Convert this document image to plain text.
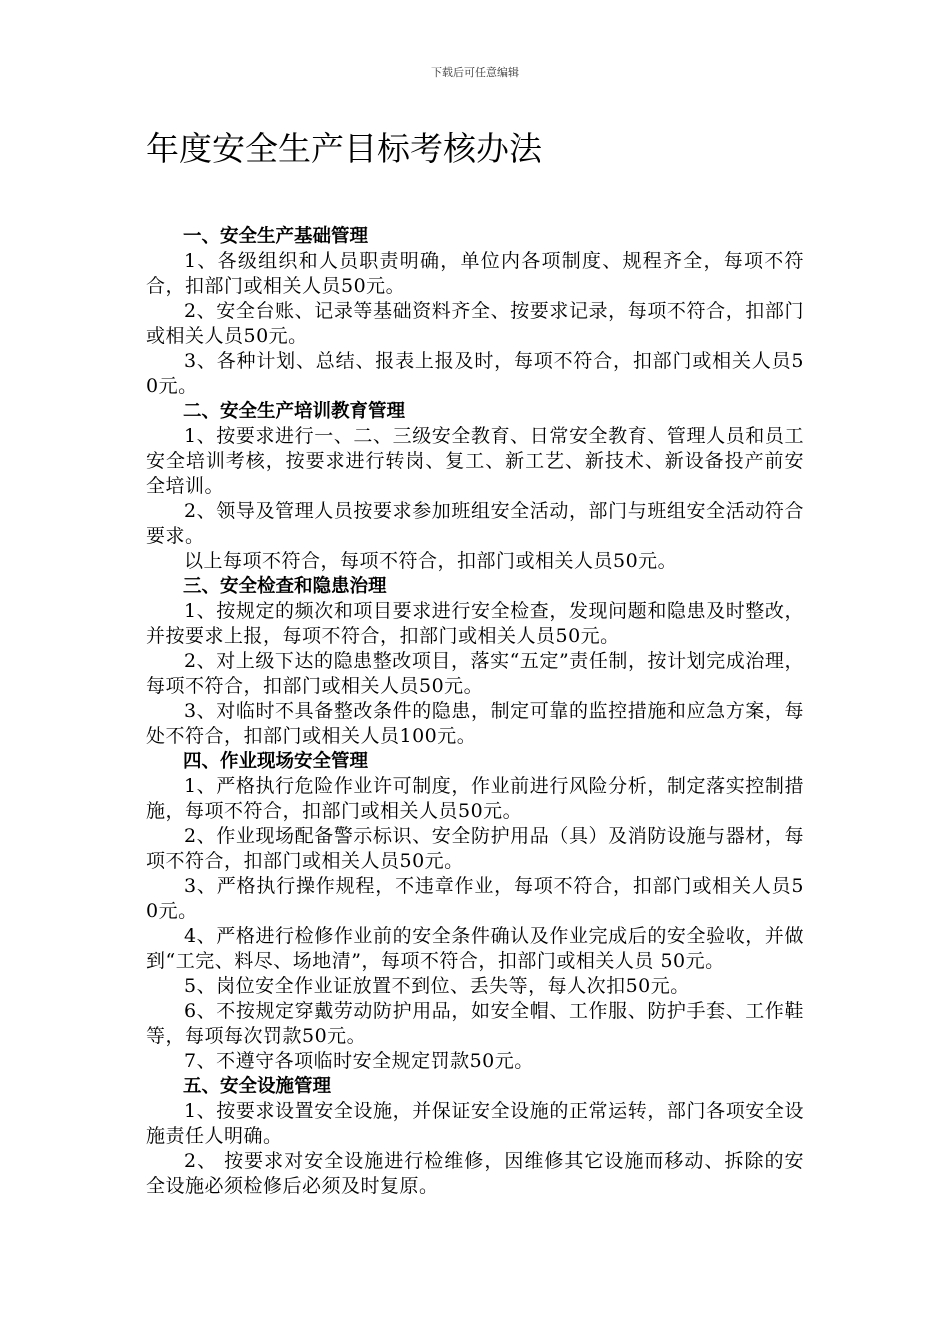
下载后可任意编辑
年度安全生产目标考核办法

一、安全生产基础管理

1、各级组织和人员职责明确，单位内各项制度、规程齐全，每项不符合，扣部门或相关人员50元。

2、安全台账、记录等基础资料齐全、按要求记录，每项不符合，扣部门或相关人员50元。

3、各种计划、总结、报表上报及时，每项不符合，扣部门或相关人员50元。

二、安全生产培训教育管理

1、按要求进行一、二、三级安全教育、日常安全教育、管理人员和员工安全培训考核，按要求进行转岗、复工、新工艺、新技术、新设备投产前安全培训。

2、领导及管理人员按要求参加班组安全活动，部门与班组安全活动符合要求。

以上每项不符合，每项不符合，扣部门或相关人员50元。

三、安全检查和隐患治理

1、按规定的频次和项目要求进行安全检查，发现问题和隐患及时整改，并按要求上报，每项不符合，扣部门或相关人员50元。

2、对上级下达的隐患整改项目，落实“五定”责任制，按计划完成治理，每项不符合，扣部门或相关人员50元。

3、对临时不具备整改条件的隐患，制定可靠的监控措施和应急方案，每处不符合，扣部门或相关人员100元。

四、作业现场安全管理

1、严格执行危险作业许可制度，作业前进行风险分析，制定落实控制措施，每项不符合，扣部门或相关人员50元。

2、作业现场配备警示标识、安全防护用品（具）及消防设施与器材，每项不符合，扣部门或相关人员50元。

3、严格执行操作规程，不违章作业，每项不符合，扣部门或相关人员50元。

4、严格进行检修作业前的安全条件确认及作业完成后的安全验收，并做到“工完、料尽、场地清”，每项不符合，扣部门或相关人员 50元。

5、岗位安全作业证放置不到位、丢失等，每人次扣50元。

6、不按规定穿戴劳动防护用品，如安全帽、工作服、防护手套、工作鞋等，每项每次罚款50元。

7、不遵守各项临时安全规定罚款50元。

五、安全设施管理

1、按要求设置安全设施，并保证安全设施的正常运转，部门各项安全设施责任人明确。

2、 按要求对安全设施进行检维修，因维修其它设施而移动、拆除的安全设施必须检修后必须及时复原。
